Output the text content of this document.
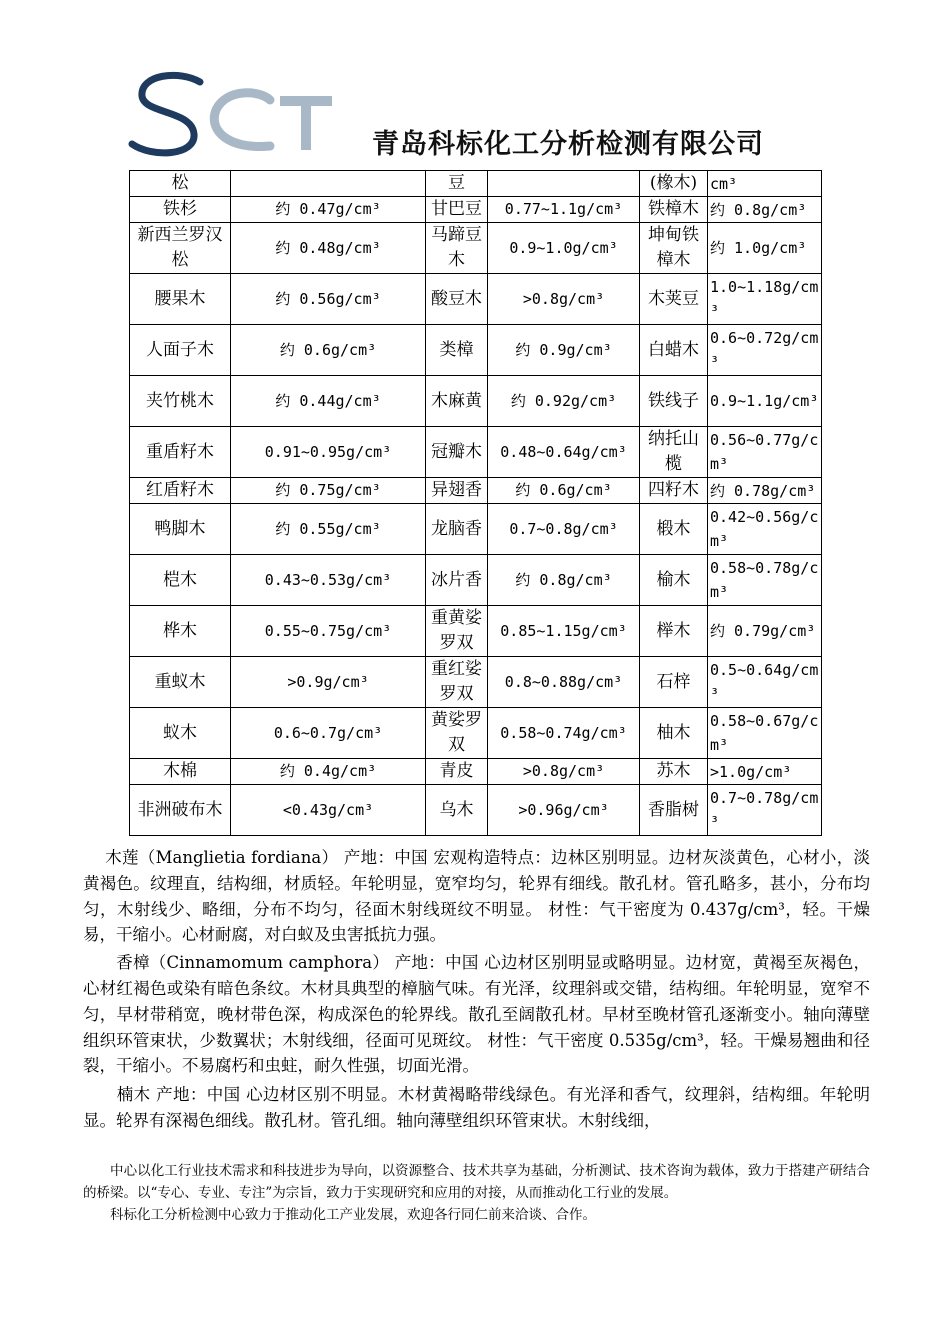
青岛科标化工分析检测有限公司
松		豆		(橡木)	cm³
铁杉	约 0.47g/cm³	甘巴豆	0.77~1.1g/cm³	铁樟木	约 0.8g/cm³
新西兰罗汉松	约 0.48g/cm³	马蹄豆木	0.9~1.0g/cm³	坤甸铁樟木	约 1.0g/cm³
腰果木	约 0.56g/cm³	酸豆木	>0.8g/cm³	木荚豆	1.0~1.18g/cm³
人面子木	约 0.6g/cm³	类樟	约 0.9g/cm³	白蜡木	0.6~0.72g/cm³
夹竹桃木	约 0.44g/cm³	木麻黄	约 0.92g/cm³	铁线子	0.9~1.1g/cm³
重盾籽木	0.91~0.95g/cm³	冠瓣木	0.48~0.64g/cm³	纳托山榄	0.56~0.77g/cm³
红盾籽木	约 0.75g/cm³	异翅香	约 0.6g/cm³	四籽木	约 0.78g/cm³
鸭脚木	约 0.55g/cm³	龙脑香	0.7~0.8g/cm³	椴木	0.42~0.56g/cm³
桤木	0.43~0.53g/cm³	冰片香	约 0.8g/cm³	榆木	0.58~0.78g/cm³
桦木	0.55~0.75g/cm³	重黄娑罗双	0.85~1.15g/cm³	榉木	约 0.79g/cm³
重蚁木	>0.9g/cm³	重红娑罗双	0.8~0.88g/cm³	石梓	0.5~0.64g/cm³
蚁木	0.6~0.7g/cm³	黄娑罗双	0.58~0.74g/cm³	柚木	0.58~0.67g/cm³
木棉	约 0.4g/cm³	青皮	>0.8g/cm³	苏木	>1.0g/cm³
非洲破布木	<0.43g/cm³	乌木	>0.96g/cm³	香脂树	0.7~0.78g/cm³

木莲（Manglietia fordiana） 产地：中国 宏观构造特点：边林区别明显。边材灰淡黄色，心材小，淡黄褐色。纹理直，结构细，材质轻。年轮明显，宽窄均匀，轮界有细线。散孔材。管孔略多，甚小，分布均匀，木射线少、略细，分布不均匀，径面木射线斑纹不明显。 材性：气干密度为 0.437g/cm³，轻。干燥易，干缩小。心材耐腐，对白蚁及虫害抵抗力强。

香樟（Cinnamomum camphora） 产地：中国 心边材区别明显或略明显。边材宽，黄褐至灰褐色，心材红褐色或染有暗色条纹。木材具典型的樟脑气味。有光泽，纹理斜或交错，结构细。年轮明显，宽窄不匀，早材带稍宽，晚材带色深，构成深色的轮界线。散孔至阔散孔材。早材至晚材管孔逐渐变小。轴向薄壁组织环管束状，少数翼状；木射线细，径面可见斑纹。 材性：气干密度 0.535g/cm³，轻。干燥易翘曲和径裂，干缩小。不易腐朽和虫蛀，耐久性强，切面光滑。

楠木 产地：中国 心边材区别不明显。木材黄褐略带线绿色。有光泽和香气，纹理斜，结构细。年轮明显。轮界有深褐色细线。散孔材。管孔细。轴向薄壁组织环管束状。木射线细，

中心以化工行业技术需求和科技进步为导向，以资源整合、技术共享为基础，分析测试、技术咨询为载体，致力于搭建产研结合的桥梁。以“专心、专业、专注”为宗旨，致力于实现研究和应用的对接，从而推动化工行业的发展。

科标化工分析检测中心致力于推动化工产业发展，欢迎各行同仁前来洽谈、合作。
